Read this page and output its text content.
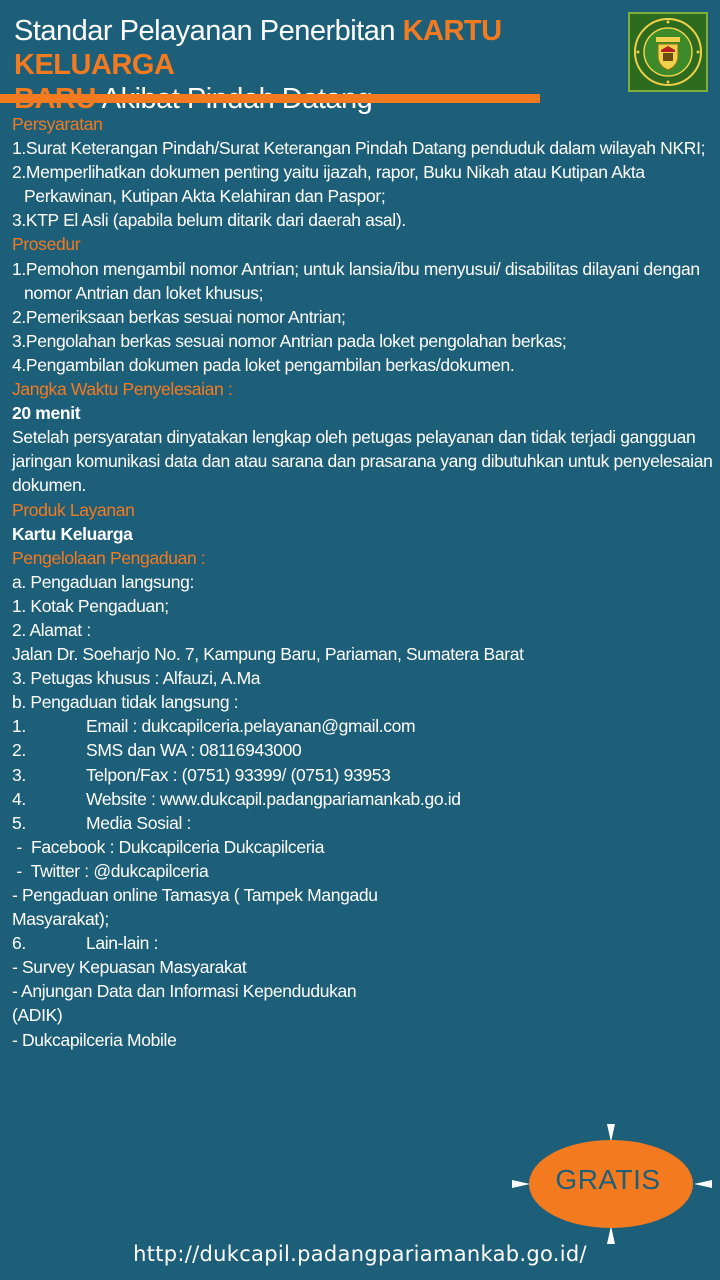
Standar Pelayanan Penerbitan KARTU KELUARGA

Persyaratan
1.Surat Keterangan Pindah/Surat Keterangan Pindah Datang penduduk dalam wilayah NKRI;
2.Memperlihatkan dokumen penting yaitu ijazah, rapor, Buku Nikah atau Kutipan Akta
Perkawinan, Kutipan Akta Kelahiran dan Paspor;
3.KTP El Asli (apabila belum ditarik dari daerah asal).
Prosedur
1.Pemohon mengambil nomor Antrian; untuk lansia/ibu menyusui/ disabilitas dilayani dengan
nomor Antrian dan loket khusus;
2.Pemeriksaan berkas sesuai nomor Antrian;
3.Pengolahan berkas sesuai nomor Antrian pada loket pengolahan berkas;
4.Pengambilan dokumen pada loket pengambilan berkas/dokumen.
Jangka Waktu Penyelesaian :
20 menit
Setelah persyaratan dinyatakan lengkap oleh petugas pelayanan dan tidak terjadi gangguan
jaringan komunikasi data dan atau sarana dan prasarana yang dibutuhkan untuk penyelesaian
dokumen.
Produk Layanan
Kartu Keluarga
Pengelolaan Pengaduan :
a. Pengaduan langsung:
1. Kotak Pengaduan;
2. Alamat :
Jalan Dr. Soeharjo No. 7, Kampung Baru, Pariaman, Sumatera Barat
3. Petugas khusus : Alfauzi, A.Ma
b. Pengaduan tidak langsung :
1.	Email : dukcapilceria.pelayanan@gmail.com
2.	SMS dan WA : 08116943000
3.	Telpon/Fax : (0751) 93399/ (0751) 93953
4.	Website : www.dukcapil.padangpariamankab.go.id
5.	Media Sosial :
-  Facebook : Dukcapilceria Dukcapilceria
-  Twitter : @dukcapilceria
- Pengaduan online Tamasya ( Tampek Mangadu
Masyarakat);
6.	Lain-lain :
- Survey Kepuasan Masyarakat
- Anjungan Data dan Informasi Kependudukan
(ADIK)
- Dukcapilceria Mobile
GRATIS
http://dukcapil.padangpariamankab.go.id/
